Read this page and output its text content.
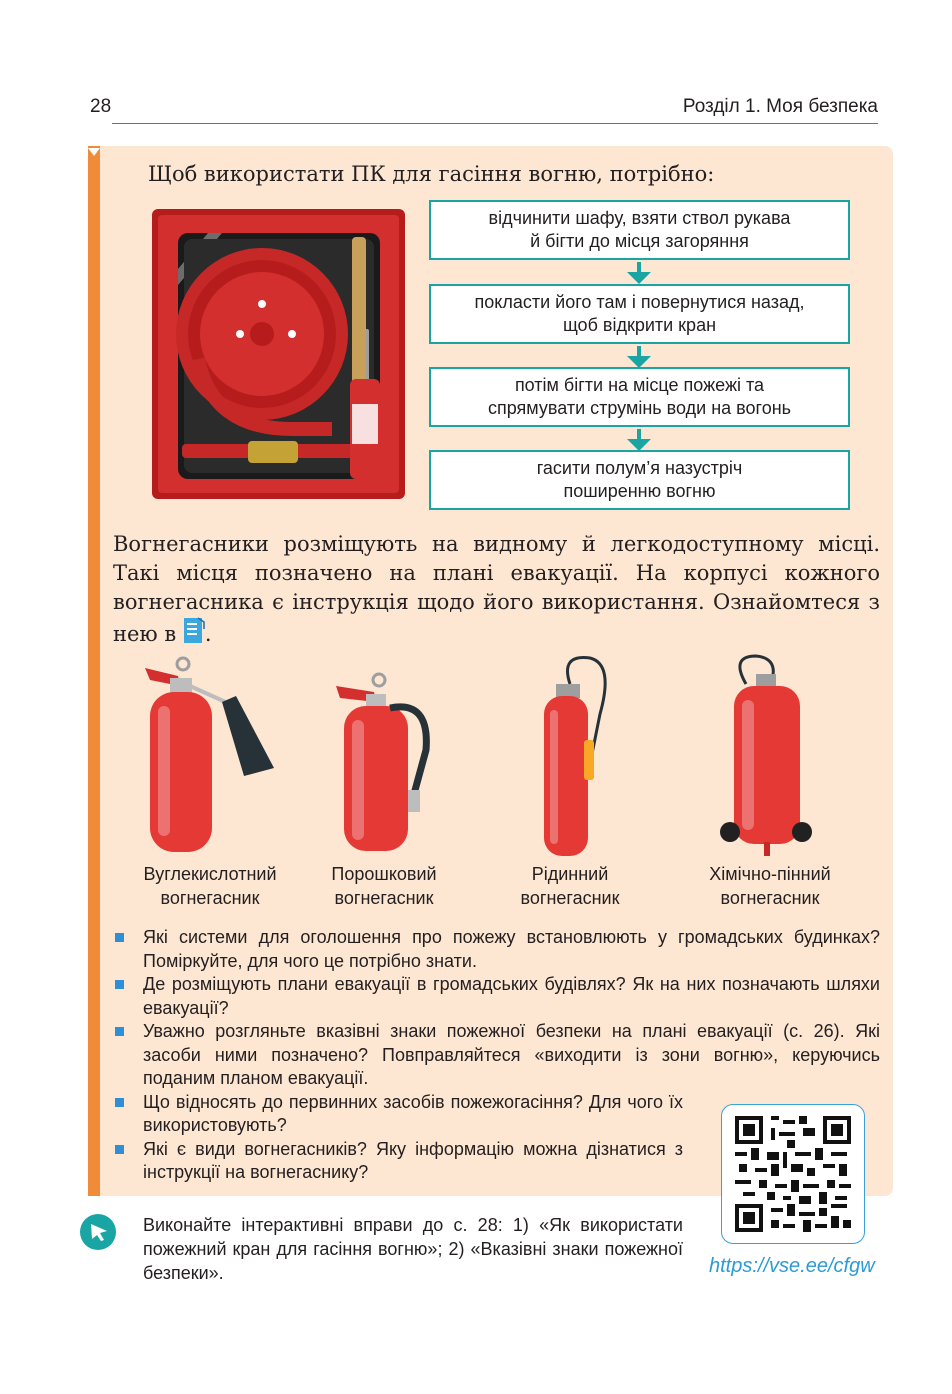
28	Розділ 1. Моя безпека
Щоб використати ПК для гасіння вогню, потрібно:
відчинити шафу, взяти ствол рукава
й бігти до місця загоряння
покласти його там і повернутися назад,
щоб відкрити кран
потім бігти на місце пожежі та
спрямувати струмінь води на вогонь
гасити полум’я назустріч
поширенню вогню
Вогнегасники розміщують на видному й легкодоступному місці. Такі місця позначено на плані евакуації. На корпусі кожного вогнегасника є інструкція щодо його використання. Ознайомтеся з нею в .
Вуглекислотний
вогнегасник
Порошковий
вогнегасник
Рідинний
вогнегасник
Хімічно-пінний
вогнегасник
Які системи для оголошення про пожежу встановлюють у громадських будинках? Поміркуйте, для чого це потрібно знати.
Де розміщують плани евакуації в громадських будівлях? Як на них позначають шляхи евакуації?
Уважно розгляньте вказівні знаки пожежної безпеки на плані евакуації (с. 26). Які засоби ними позначено? Повправляйтеся «виходити із зони вогню», керуючись поданим планом евакуації.
Що відносять до первинних засобів пожежогасіння? Для чого їх використовують?
Які є види вогнегасників? Яку інформацію можна дізнатися з інструкції на вогнегаснику?
https://vse.ee/cfgw
Виконайте інтерактивні вправи до с. 28: 1) «Як використати пожежний кран для гасіння вогню»; 2) «Вказівні знаки пожежної безпеки».
